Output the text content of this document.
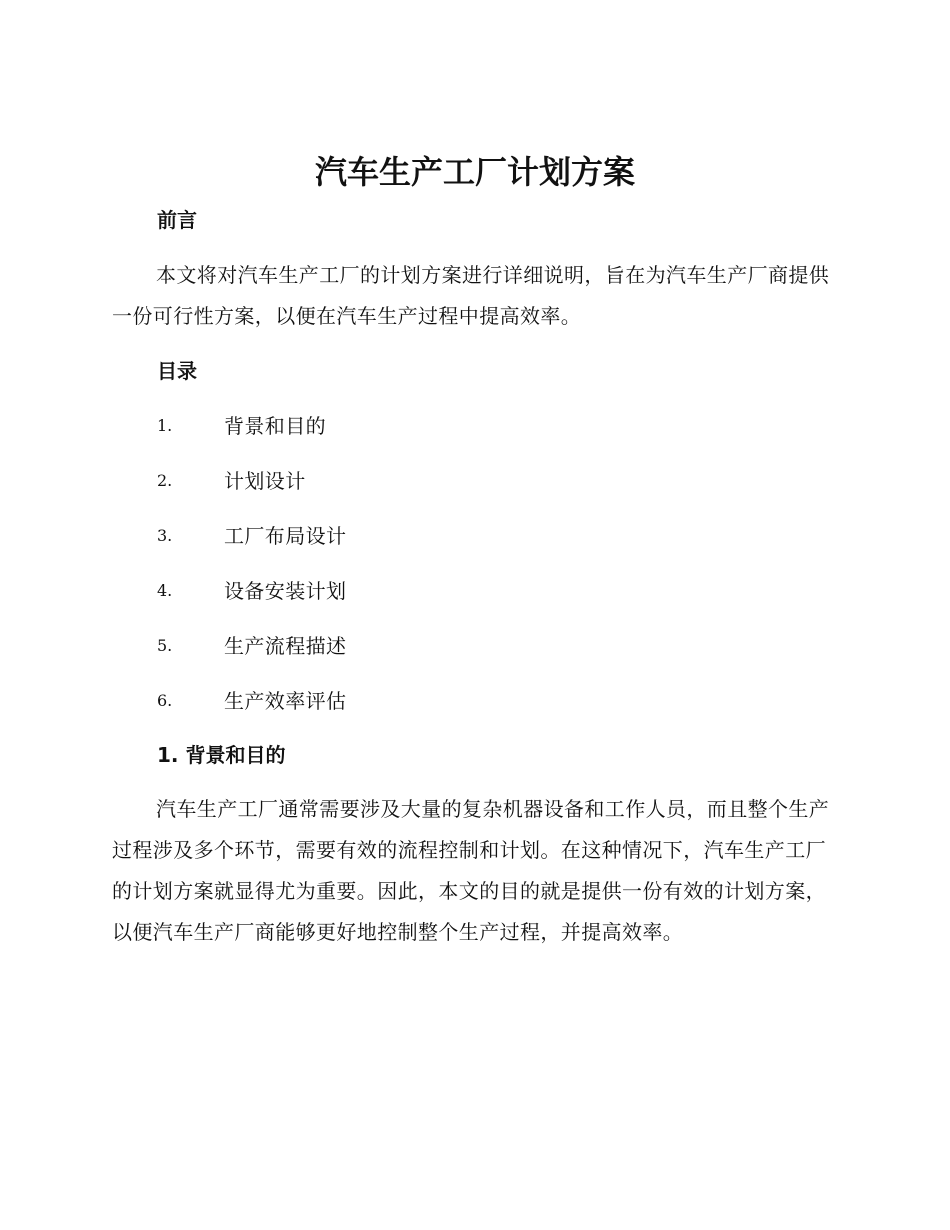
汽车生产工厂计划方案
前言

本文将对汽车生产工厂的计划方案进行详细说明，旨在为汽车生产厂商提供一份可行性方案，以便在汽车生产过程中提高效率。

目录
1.	背景和目的
2.	计划设计
3.	工厂布局设计
4.	设备安装计划
5.	生产流程描述
6.	生产效率评估
1. 背景和目的

汽车生产工厂通常需要涉及大量的复杂机器设备和工作人员，而且整个生产过程涉及多个环节，需要有效的流程控制和计划。在这种情况下，汽车生产工厂的计划方案就显得尤为重要。因此，本文的目的就是提供一份有效的计划方案，以便汽车生产厂商能够更好地控制整个生产过程，并提高效率。
